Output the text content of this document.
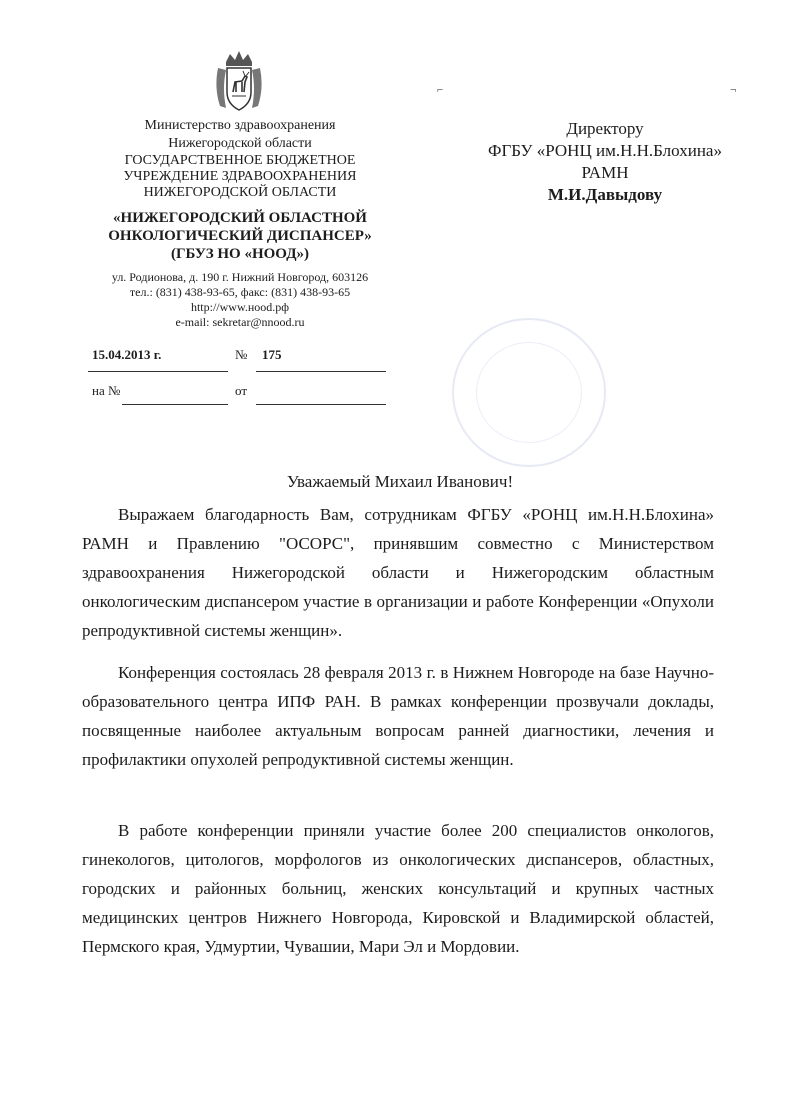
Министерство здравоохранения
Нижегородской области
ГОСУДАРСТВЕННОЕ БЮДЖЕТНОЕ
УЧРЕЖДЕНИЕ ЗДРАВООХРАНЕНИЯ
НИЖЕГОРОДСКОЙ ОБЛАСТИ
«НИЖЕГОРОДСКИЙ ОБЛАСТНОЙ
ОНКОЛОГИЧЕСКИЙ ДИСПАНСЕР»
(ГБУЗ НО «НООД»)
ул. Родионова, д. 190 г. Нижний Новгород, 603126
тел.: (831) 438-93-65, факс: (831) 438-93-65
http://www.нood.рф
e-mail: sekretar@nnood.ru
15.04.2013 г.	№ 175
на №	от
⌐	¬
Директору
ФГБУ «РОНЦ им.Н.Н.Блохина»
РАМН
М.И.Давыдову
Уважаемый Михаил Иванович!
Выражаем благодарность Вам, сотрудникам ФГБУ «РОНЦ им.Н.Н.Блохина» РАМН и Правлению "ОСОРС", принявшим совместно с Министерством здравоохранения Нижегородской области и Нижегородским областным онкологическим диспансером участие в организации и работе Конференции «Опухоли репродуктивной системы женщин».
Конференция состоялась 28 февраля 2013 г. в Нижнем Новгороде на базе Научно-образовательного центра ИПФ РАН. В рамках конференции прозвучали доклады, посвященные наиболее актуальным вопросам ранней диагностики, лечения и профилактики опухолей репродуктивной системы женщин.
В работе конференции приняли участие более 200 специалистов онкологов, гинекологов, цитологов, морфологов из онкологических диспансеров, областных, городских и районных больниц, женских консультаций и крупных частных медицинских центров Нижнего Новгорода, Кировской и Владимирской областей, Пермского края, Удмуртии, Чувашии, Мари Эл и Мордовии.
